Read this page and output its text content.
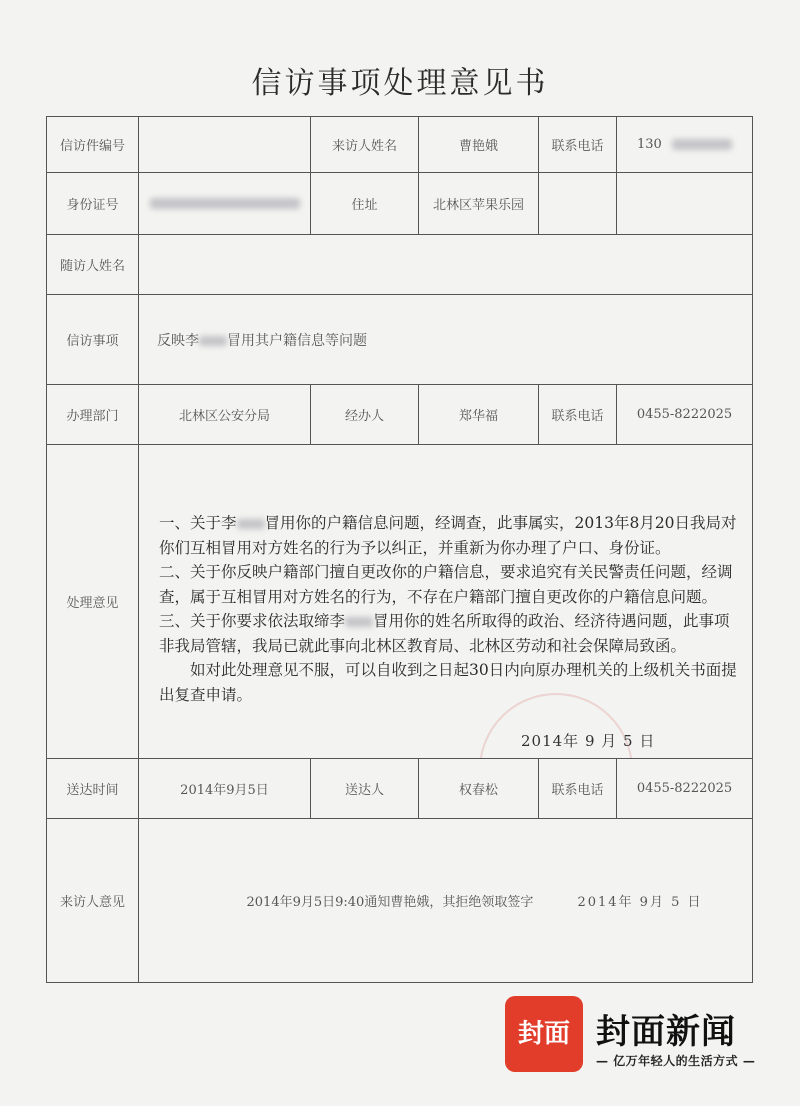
信访事项处理意见书
信访件编号		来访人姓名	曹艳娥	联系电话	130
身份证号		住址	北林区苹果乐园		
随访人姓名					
信访事项	反映李 冒用其户籍信息等问题				
办理部门	北林区公安分局	经办人	郑华福	联系电话	0455-8222025
处理意见	一、关于李 冒用你的户籍信息问题，经调查，此事属实，2013年8月20日我局对你们互相冒用对方姓名的行为予以纠正，并重新为你办理了户口、身份证。

二、关于你反映户籍部门擅自更改你的户籍信息，要求追究有关民警责任问题，经调查，属于互相冒用对方姓名的行为，不存在户籍部门擅自更改你的户籍信息问题。

三、关于你要求依法取缔李 冒用你的姓名所取得的政治、经济待遇问题，此事项非我局管辖，我局已就此事向北林区教育局、北林区劳动和社会保障局致函。

如对此处理意见不服，可以自收到之日起30日内向原办理机关的上级机关书面提出复查申请。

2014年 9 月 5 日				

送达时间	2014年9月5日	送达人	权春松	联系电话	0455-8222025
来访人意见	2014年9月5日9:40通知曹艳娥，其拒绝领取签字 2014年 9月 5 日				
封面 封面新闻
— 亿万年轻人的生活方式 —
